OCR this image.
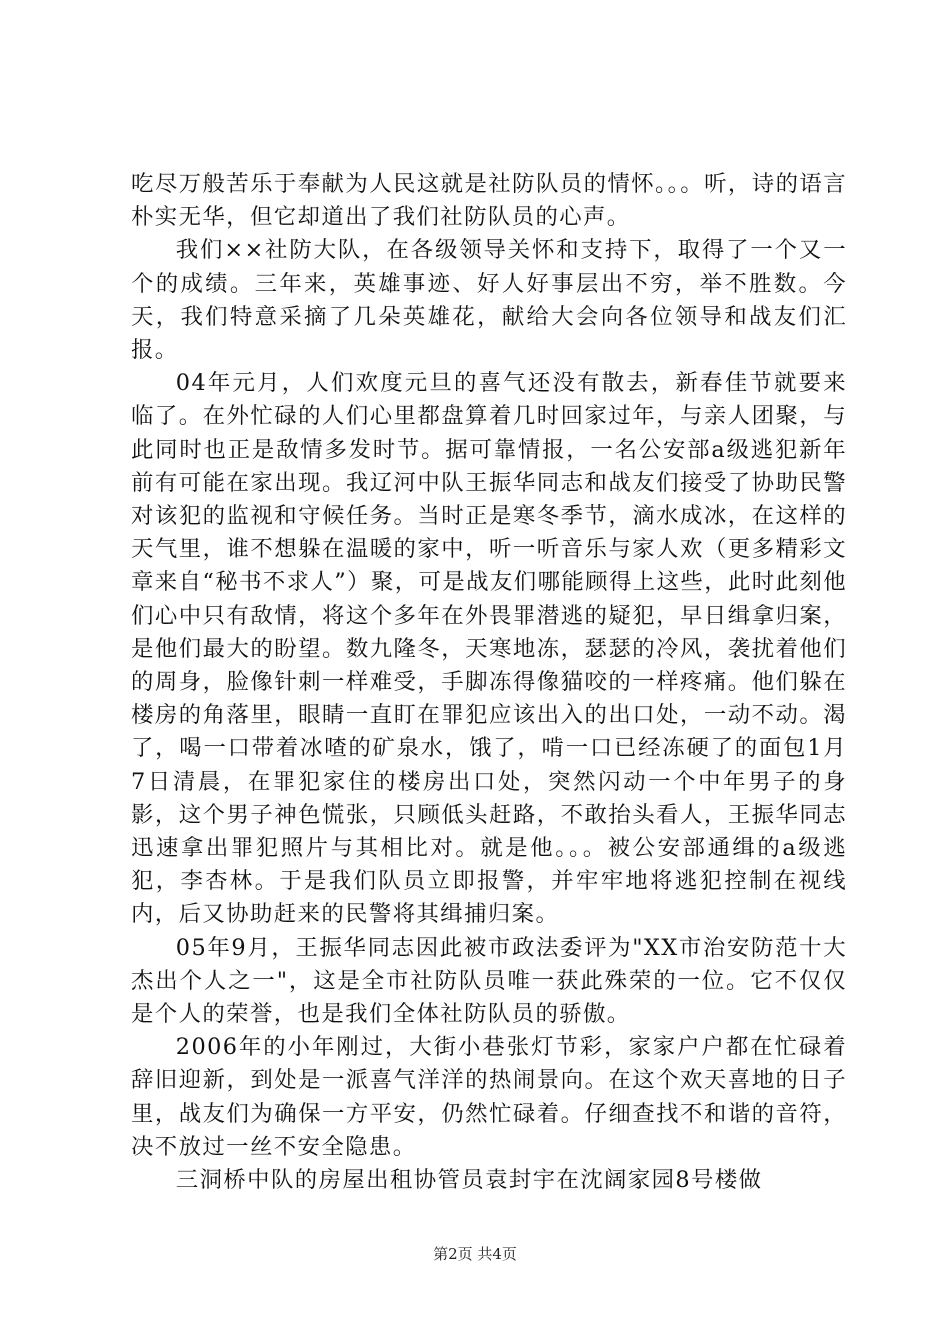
吃尽万般苦乐于奉献为人民这就是社防队员的情怀。。。听，诗的语言朴实无华，但它却道出了我们社防队员的心声。

我们××社防大队，在各级领导关怀和支持下，取得了一个又一个的成绩。三年来，英雄事迹、好人好事层出不穷，举不胜数。今天，我们特意采摘了几朵英雄花，献给大会向各位领导和战友们汇报。

04年元月，人们欢度元旦的喜气还没有散去，新春佳节就要来临了。在外忙碌的人们心里都盘算着几时回家过年，与亲人团聚，与此同时也正是敌情多发时节。据可靠情报，一名公安部a级逃犯新年前有可能在家出现。我辽河中队王振华同志和战友们接受了协助民警对该犯的监视和守候任务。当时正是寒冬季节，滴水成冰，在这样的天气里，谁不想躲在温暖的家中，听一听音乐与家人欢（更多精彩文章来自“秘书不求人”）聚，可是战友们哪能顾得上这些，此时此刻他们心中只有敌情，将这个多年在外畏罪潜逃的疑犯，早日缉拿归案，是他们最大的盼望。数九隆冬，天寒地冻，瑟瑟的冷风，袭扰着他们的周身，脸像针刺一样难受，手脚冻得像猫咬的一样疼痛。他们躲在楼房的角落里，眼睛一直盯在罪犯应该出入的出口处，一动不动。渴了，喝一口带着冰喳的矿泉水，饿了，啃一口已经冻硬了的面包1月7日清晨，在罪犯家住的楼房出口处，突然闪动一个中年男子的身影，这个男子神色慌张，只顾低头赶路，不敢抬头看人，王振华同志迅速拿出罪犯照片与其相比对。就是他。。。被公安部通缉的a级逃犯，李杏林。于是我们队员立即报警，并牢牢地将逃犯控制在视线内，后又协助赶来的民警将其缉捕归案。

05年9月，王振华同志因此被市政法委评为"XX市治安防范十大杰出个人之一"，这是全市社防队员唯一获此殊荣的一位。它不仅仅是个人的荣誉，也是我们全体社防队员的骄傲。

2006年的小年刚过，大街小巷张灯节彩，家家户户都在忙碌着辞旧迎新，到处是一派喜气洋洋的热闹景向。在这个欢天喜地的日子里，战友们为确保一方平安，仍然忙碌着。仔细查找不和谐的音符，决不放过一丝不安全隐患。

三洞桥中队的房屋出租协管员袁封宇在沈阔家园8号楼做

第2页 共4页
